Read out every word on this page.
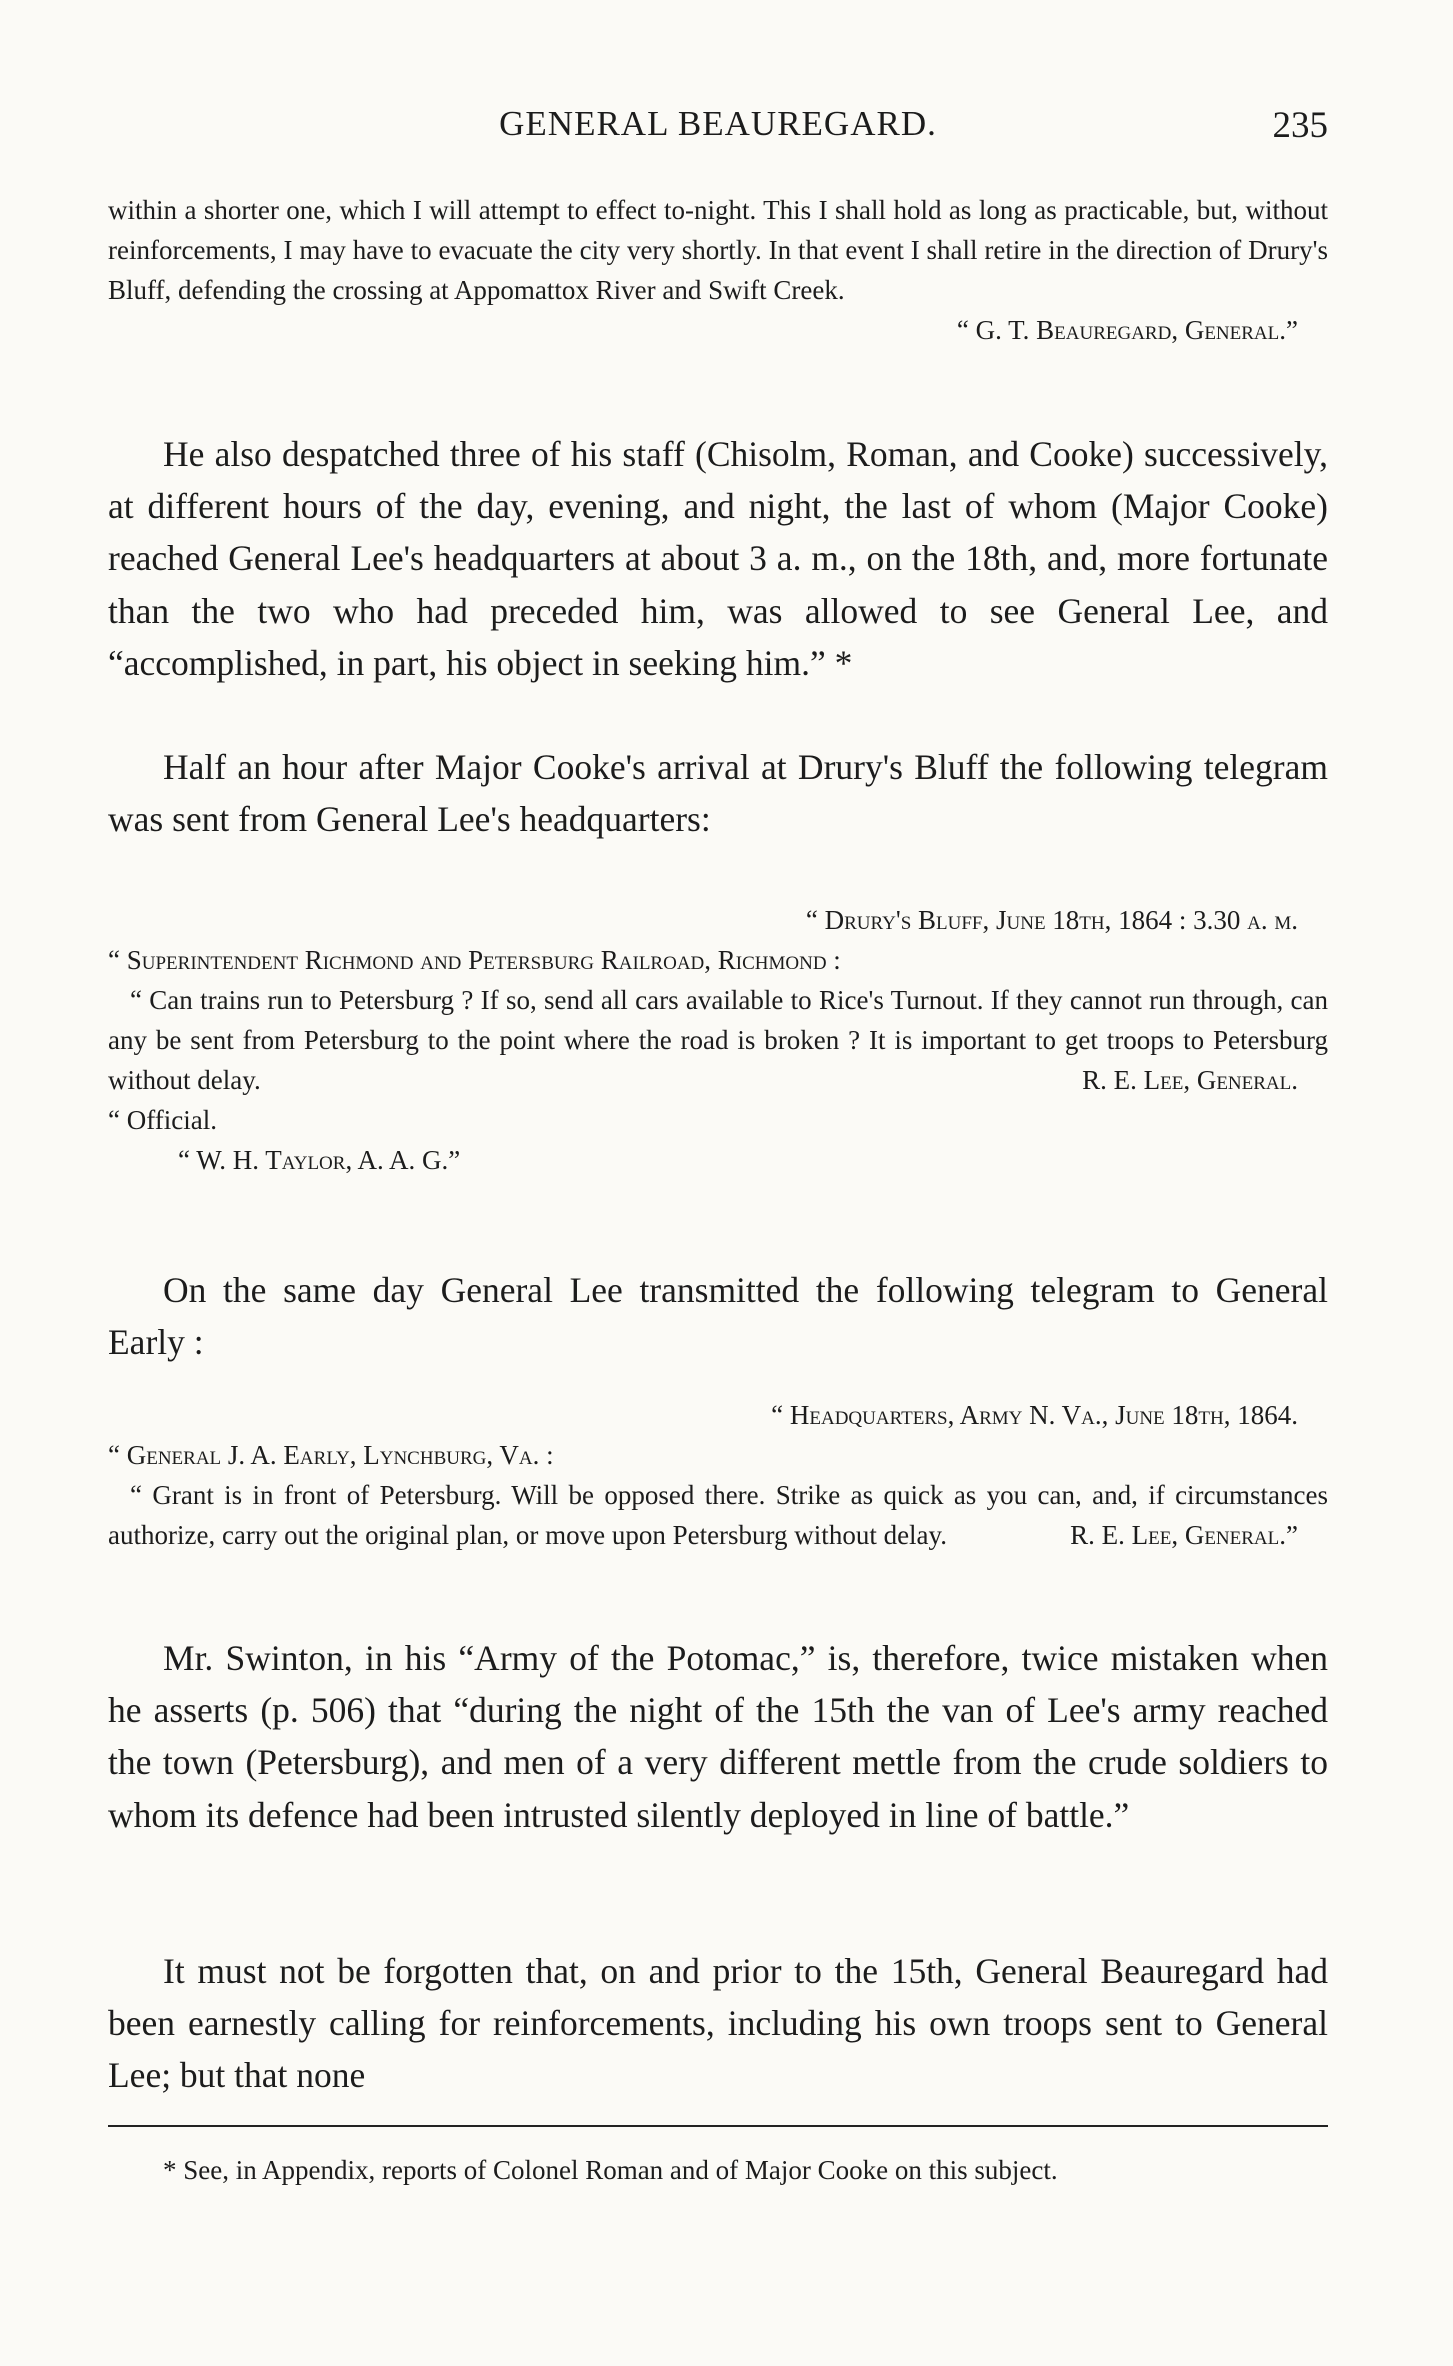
GENERAL BEAUREGARD.	235
within a shorter one, which I will attempt to effect to-night. This I shall hold as long as practicable, but, without reinforcements, I may have to evacuate the city very shortly. In that event I shall retire in the direction of Drury's Bluff, defending the crossing at Appomattox River and Swift Creek.
“ G. T. Beauregard, General.”
He also despatched three of his staff (Chisolm, Roman, and Cooke) successively, at different hours of the day, evening, and night, the last of whom (Major Cooke) reached General Lee's headquarters at about 3 a. m., on the 18th, and, more fortunate than the two who had preceded him, was allowed to see General Lee, and “accomplished, in part, his object in seeking him.” *
Half an hour after Major Cooke's arrival at Drury's Bluff the following telegram was sent from General Lee's headquarters:
“ Drury's Bluff, June 18th, 1864 : 3.30 a. m.
“ Superintendent Richmond and Petersburg Railroad, Richmond :
“ Can trains run to Petersburg ? If so, send all cars available to Rice's Turnout. If they cannot run through, can any be sent from Petersburg to the point where the road is broken ? It is important to get troops to Petersburg without delay.	R. E. Lee, General.
“ Official.
“ W. H. Taylor, A. A. G.”
On the same day General Lee transmitted the following telegram to General Early :
“ Headquarters, Army N. Va., June 18th, 1864.
“ General J. A. Early, Lynchburg, Va. :
“ Grant is in front of Petersburg. Will be opposed there. Strike as quick as you can, and, if circumstances authorize, carry out the original plan, or move upon Petersburg without delay.	R. E. Lee, General.”
Mr. Swinton, in his “Army of the Potomac,” is, therefore, twice mistaken when he asserts (p. 506) that “during the night of the 15th the van of Lee's army reached the town (Petersburg), and men of a very different mettle from the crude soldiers to whom its defence had been intrusted silently deployed in line of battle.”
It must not be forgotten that, on and prior to the 15th, General Beauregard had been earnestly calling for reinforcements, including his own troops sent to General Lee; but that none
* See, in Appendix, reports of Colonel Roman and of Major Cooke on this subject.
